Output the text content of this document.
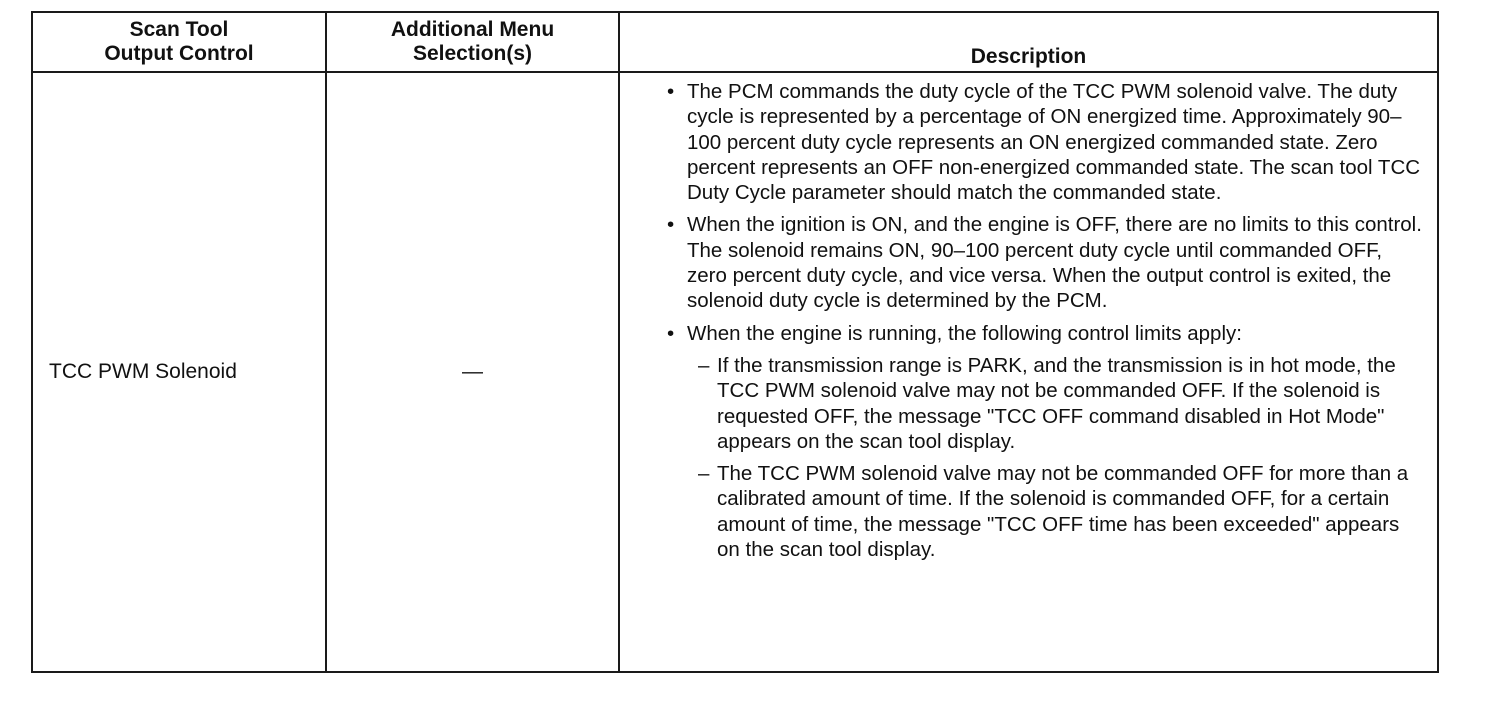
Scan Tool
Output Control
Additional Menu
Selection(s)	Description
TCC PWM Solenoid	—
• The PCM commands the duty cycle of the TCC PWM solenoid valve. The duty cycle is represented by a percentage of ON energized time. Approximately 90–100 percent duty cycle represents an ON energized commanded state. Zero percent represents an OFF non-energized commanded state. The scan tool TCC Duty Cycle parameter should match the commanded state.
• When the ignition is ON, and the engine is OFF, there are no limits to this control. The solenoid remains ON, 90–100 percent duty cycle until commanded OFF, zero percent duty cycle, and vice versa. When the output control is exited, the solenoid duty cycle is determined by the PCM.
• When the engine is running, the following control limits apply:
– If the transmission range is PARK, and the transmission is in hot mode, the TCC PWM solenoid valve may not be commanded OFF. If the solenoid is requested OFF, the message "TCC OFF command disabled in Hot Mode" appears on the scan tool display.
– The TCC PWM solenoid valve may not be commanded OFF for more than a calibrated amount of time. If the solenoid is commanded OFF, for a certain amount of time, the message "TCC OFF time has been exceeded" appears on the scan tool display.
